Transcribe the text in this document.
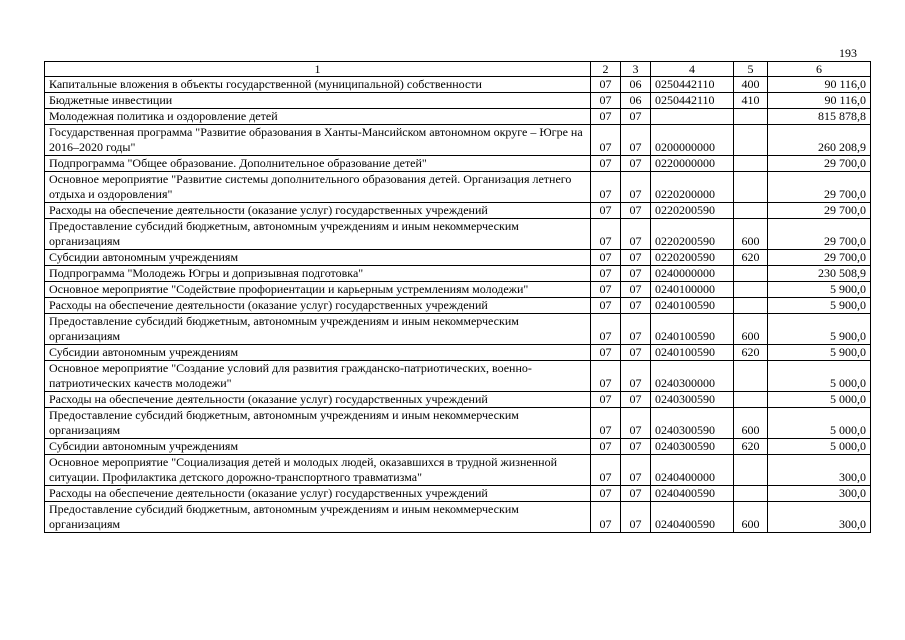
193
1	2	3	4	5	6
Капитальные вложения в объекты государственной (муниципальной) собственности	07	06	0250442110	400	90 116,0
Бюджетные инвестиции	07	06	0250442110	410	90 116,0
Молодежная политика и оздоровление детей	07	07			815 878,8
Государственная программа "Развитие образования в Ханты-Мансийском автономном округе – Югре на 2016–2020 годы"	07	07	0200000000		260 208,9
Подпрограмма "Общее образование. Дополнительное образование детей"	07	07	0220000000		29 700,0
Основное мероприятие "Развитие системы дополнительного образования детей. Организация летнего отдыха и оздоровления"	07	07	0220200000		29 700,0
Расходы на обеспечение деятельности (оказание услуг) государственных учреждений	07	07	0220200590		29 700,0
Предоставление субсидий бюджетным, автономным учреждениям и иным некоммерческим организациям	07	07	0220200590	600	29 700,0
Субсидии автономным учреждениям	07	07	0220200590	620	29 700,0
Подпрограмма "Молодежь Югры и допризывная подготовка"	07	07	0240000000		230 508,9
Основное мероприятие "Содействие профориентации и карьерным устремлениям молодежи"	07	07	0240100000		5 900,0
Расходы на обеспечение деятельности (оказание услуг) государственных учреждений	07	07	0240100590		5 900,0
Предоставление субсидий бюджетным, автономным учреждениям и иным некоммерческим организациям	07	07	0240100590	600	5 900,0
Субсидии автономным учреждениям	07	07	0240100590	620	5 900,0
Основное мероприятие "Создание условий для развития гражданско-патриотических, военно-патриотических качеств молодежи"	07	07	0240300000		5 000,0
Расходы на обеспечение деятельности (оказание услуг) государственных учреждений	07	07	0240300590		5 000,0
Предоставление субсидий бюджетным, автономным учреждениям и иным некоммерческим организациям	07	07	0240300590	600	5 000,0
Субсидии автономным учреждениям	07	07	0240300590	620	5 000,0
Основное мероприятие "Социализация детей и молодых людей, оказавшихся в трудной жизненной ситуации. Профилактика детского дорожно-транспортного травматизма"	07	07	0240400000		300,0
Расходы на обеспечение деятельности (оказание услуг) государственных учреждений	07	07	0240400590		300,0
Предоставление субсидий бюджетным, автономным учреждениям и иным некоммерческим организациям	07	07	0240400590	600	300,0
